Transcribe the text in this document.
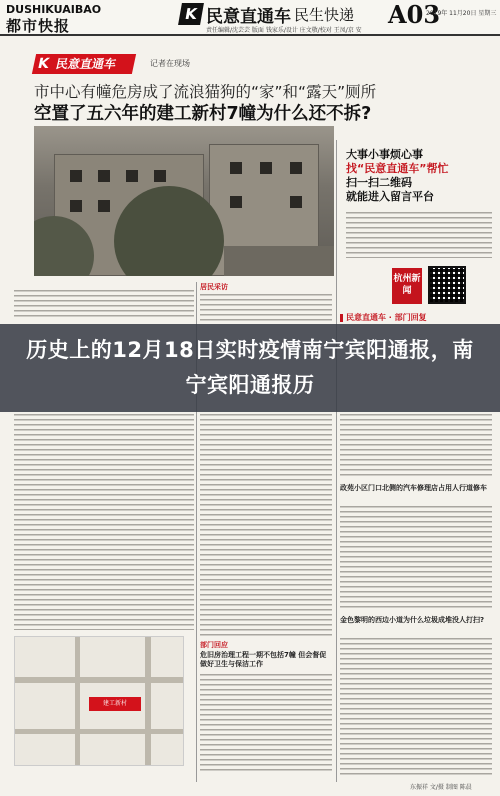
DUSHIKUAIBAO
都市快报
K 民意直通车 民生快递 A03
2019年 11月20日 星期三
责任编辑/沈芸芸 版面 钱家乐/设计 庄文敬/校对 王凤/京 安
K 民意直通车	记者在现场
市中心有幢危房成了流浪猫狗的“家”和“露天”厕所
空置了五六年的建工新村7幢为什么还不拆?
大事小事烦心事
找“民意直通车”帮忙
扫一扫二维码
就能进入留言平台
杭州新闻
民意直通车 · 部门回复
居民采访
部门回应
危旧房治理工程一期不包括7幢 但会督促做好卫生与保洁工作
政苑小区门口北侧的汽车修理店占用人行道修车
金色黎明的西边小道为什么垃圾成堆没人打扫?
建工新村
东振祥 文/摄 制图 陈晨
历史上的12月18日实时疫情南宁宾阳通报，南宁宾阳通报历
